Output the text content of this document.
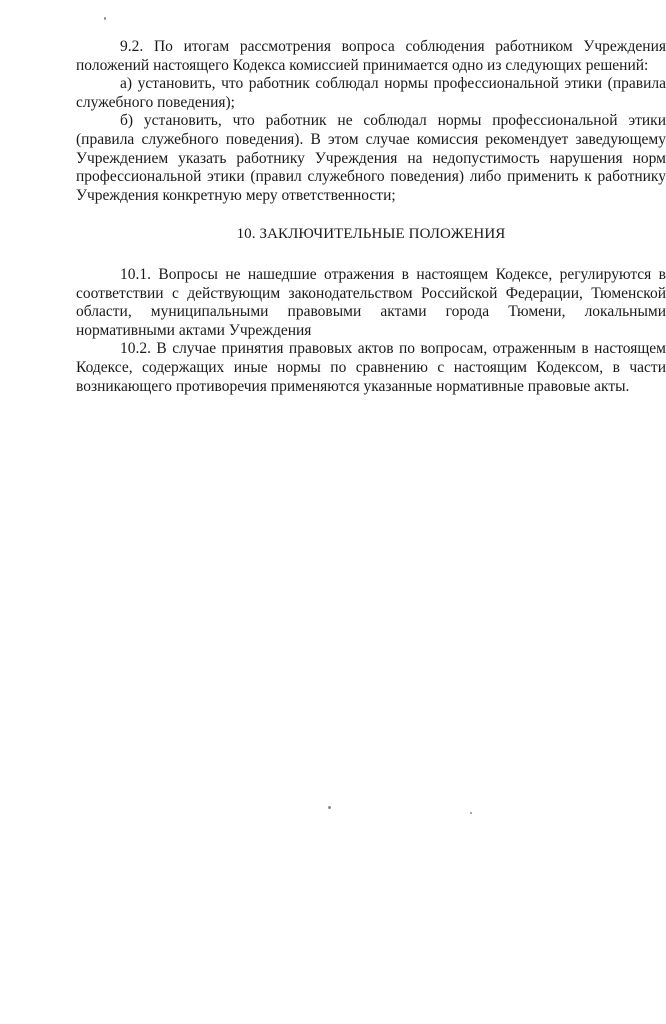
9.2. По итогам рассмотрения вопроса соблюдения работником Учреждения положений настоящего Кодекса комиссией принимается одно из следующих решений:

а) установить, что работник соблюдал нормы профессиональной этики (правила служебного поведения);

б) установить, что работник не соблюдал нормы профессиональной этики (правила служебного поведения). В этом случае комиссия рекомендует заведующему Учреждением указать работнику Учреждения на недопустимость нарушения норм профессиональной этики (правил служебного поведения) либо применить к работнику Учреждения конкретную меру ответственности;

10. ЗАКЛЮЧИТЕЛЬНЫЕ ПОЛОЖЕНИЯ

10.1. Вопросы не нашедшие отражения в настоящем Кодексе, регулируются в соответствии с действующим законодательством Российской Федерации, Тюменской области, муниципальными правовыми актами города Тюмени, локальными нормативными актами Учреждения

10.2. В случае принятия правовых актов по вопросам, отраженным в настоящем Кодексе, содержащих иные нормы по сравнению с настоящим Кодексом, в части возникающего противоречия применяются указанные нормативные правовые акты.
